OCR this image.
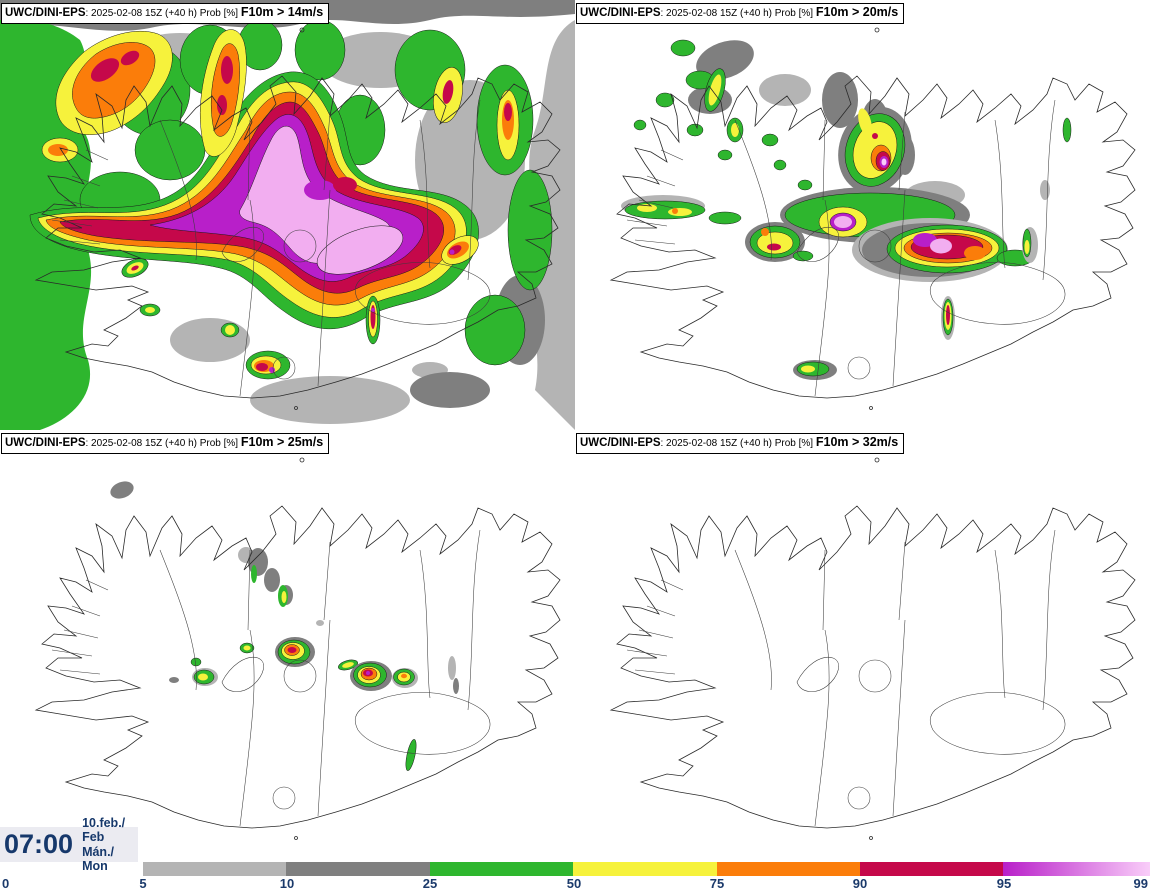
UWC/DINI-EPS: 2025-02-08 15Z (+40 h) Prob [%] F10m > 14m/s	UWC/DINI-EPS: 2025-02-08 15Z (+40 h) Prob [%] F10m > 20m/s
UWC/DINI-EPS: 2025-02-08 15Z (+40 h) Prob [%] F10m > 25m/s	UWC/DINI-EPS: 2025-02-08 15Z (+40 h) Prob [%] F10m > 32m/s
07:00
10.feb./ Feb
Mán./ Mon
0	5	10	25	50	75	90	95	99
